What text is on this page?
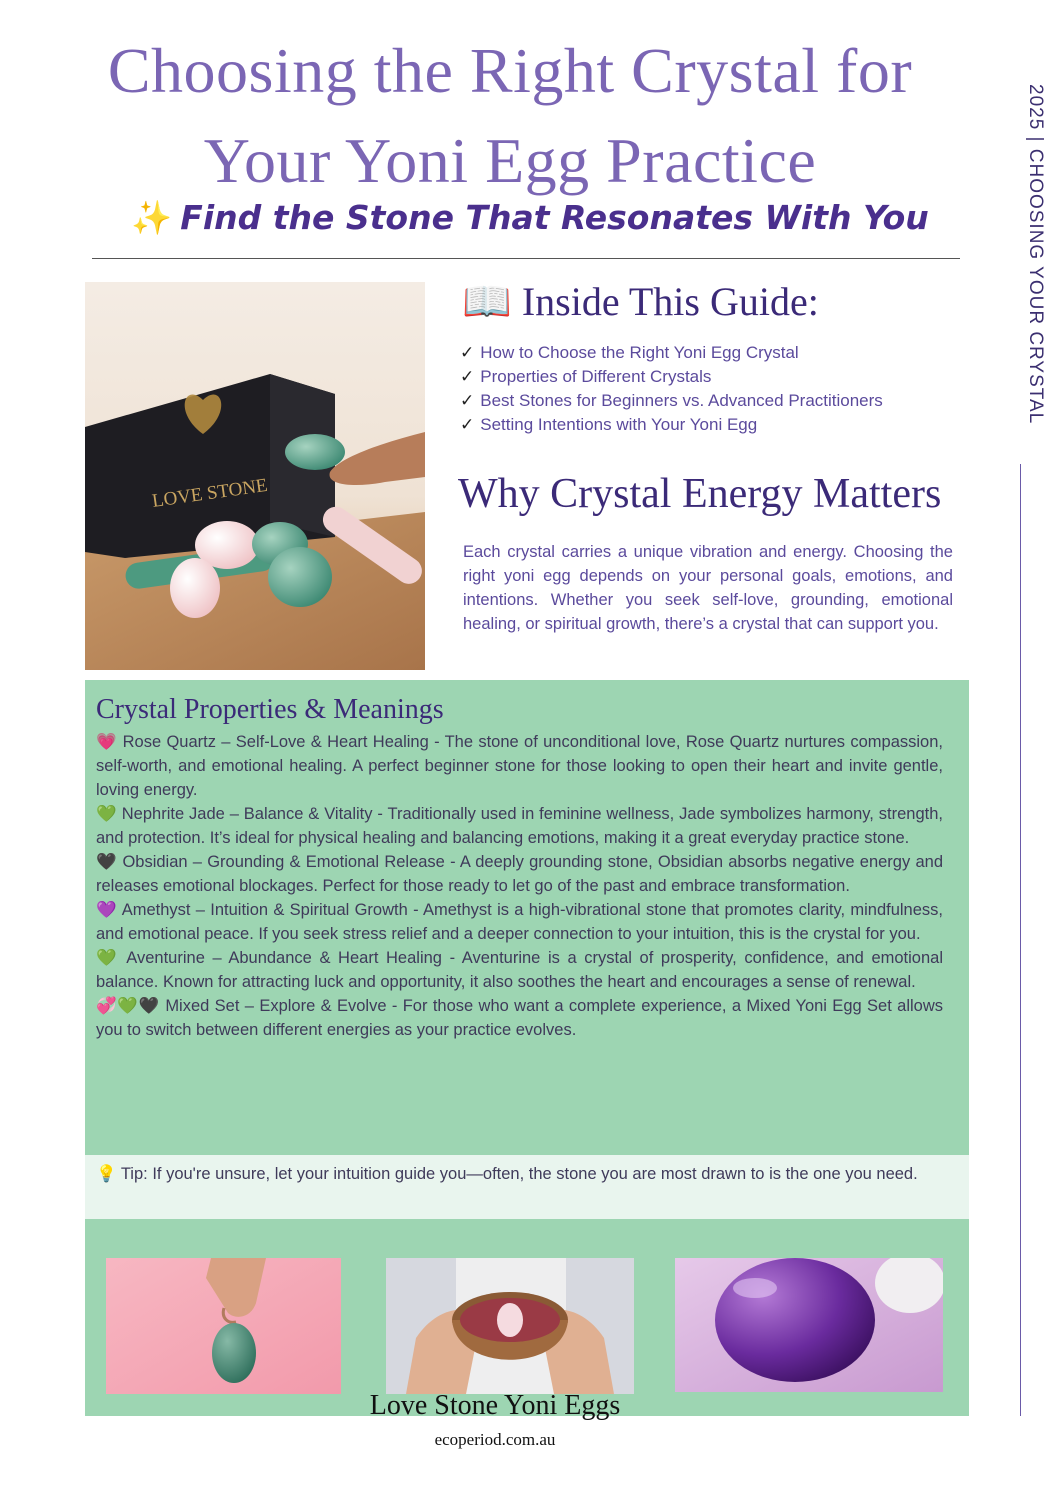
Choosing the Right Crystal for
Your Yoni Egg Practice
✨ Find the Stone That Resonates With You	2025 | CHOOSING YOUR CRYSTAL
LOVE STONE
📖 Inside This Guide:
✓ How to Choose the Right Yoni Egg Crystal
✓ Properties of Different Crystals
✓ Best Stones for Beginners vs. Advanced Practitioners
✓ Setting Intentions with Your Yoni Egg
Why Crystal Energy Matters
Each crystal carries a unique vibration and energy. Choosing the right yoni egg depends on your personal goals, emotions, and intentions. Whether you seek self-love, grounding, emotional healing, or spiritual growth, there’s a crystal that can support you.
Crystal Properties & Meanings
💗 Rose Quartz – Self-Love & Heart Healing - The stone of unconditional love, Rose Quartz nurtures compassion, self-worth, and emotional healing. A perfect beginner stone for those looking to open their heart and invite gentle, loving energy.
💚 Nephrite Jade – Balance & Vitality - Traditionally used in feminine wellness, Jade symbolizes harmony, strength, and protection. It’s ideal for physical healing and balancing emotions, making it a great everyday practice stone.
🖤 Obsidian – Grounding & Emotional Release - A deeply grounding stone, Obsidian absorbs negative energy and releases emotional blockages. Perfect for those ready to let go of the past and embrace transformation.
💜 Amethyst – Intuition & Spiritual Growth - Amethyst is a high-vibrational stone that promotes clarity, mindfulness, and emotional peace. If you seek stress relief and a deeper connection to your intuition, this is the crystal for you.
💚 Aventurine – Abundance & Heart Healing - Aventurine is a crystal of prosperity, confidence, and emotional balance. Known for attracting luck and opportunity, it also soothes the heart and encourages a sense of renewal.
💞💚🖤 Mixed Set – Explore & Evolve - For those who want a complete experience, a Mixed Yoni Egg Set allows you to switch between different energies as your practice evolves.
💡 Tip: If you're unsure, let your intuition guide you—often, the stone you are most drawn to is the one you need.
Love Stone Yoni Eggs
ecoperiod.com.au
